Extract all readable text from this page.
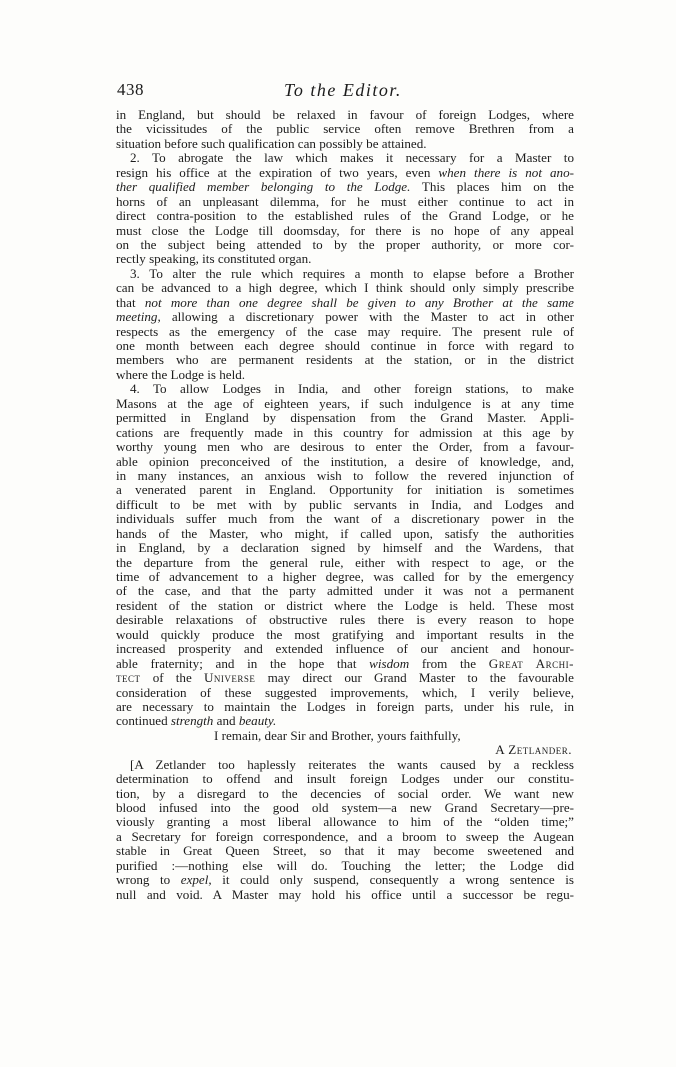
438	To the Editor.
in England, but should be relaxed in favour of foreign Lodges, where
the vicissitudes of the public service often remove Brethren from a
situation before such qualification can possibly be attained.
2. To abrogate the law which makes it necessary for a Master to
resign his office at the expiration of two years, even when there is not ano-
ther qualified member belonging to the Lodge. This places him on the
horns of an unpleasant dilemma, for he must either continue to act in
direct contra-position to the established rules of the Grand Lodge, or he
must close the Lodge till doomsday, for there is no hope of any appeal
on the subject being attended to by the proper authority, or more cor-
rectly speaking, its constituted organ.
3. To alter the rule which requires a month to elapse before a Brother
can be advanced to a high degree, which I think should only simply prescribe
that not more than one degree shall be given to any Brother at the same
meeting, allowing a discretionary power with the Master to act in other
respects as the emergency of the case may require. The present rule of
one month between each degree should continue in force with regard to
members who are permanent residents at the station, or in the district
where the Lodge is held.
4. To allow Lodges in India, and other foreign stations, to make
Masons at the age of eighteen years, if such indulgence is at any time
permitted in England by dispensation from the Grand Master. Appli-
cations are frequently made in this country for admission at this age by
worthy young men who are desirous to enter the Order, from a favour-
able opinion preconceived of the institution, a desire of knowledge, and,
in many instances, an anxious wish to follow the revered injunction of
a venerated parent in England. Opportunity for initiation is sometimes
difficult to be met with by public servants in India, and Lodges and
individuals suffer much from the want of a discretionary power in the
hands of the Master, who might, if called upon, satisfy the authorities
in England, by a declaration signed by himself and the Wardens, that
the departure from the general rule, either with respect to age, or the
time of advancement to a higher degree, was called for by the emergency
of the case, and that the party admitted under it was not a permanent
resident of the station or district where the Lodge is held. These most
desirable relaxations of obstructive rules there is every reason to hope
would quickly produce the most gratifying and important results in the
increased prosperity and extended influence of our ancient and honour-
able fraternity; and in the hope that wisdom from the Great Archi-
tect of the Universe may direct our Grand Master to the favourable
consideration of these suggested improvements, which, I verily believe,
are necessary to maintain the Lodges in foreign parts, under his rule, in
continued strength and beauty.
I remain, dear Sir and Brother, yours faithfully,
A Zetlander.
[A Zetlander too haplessly reiterates the wants caused by a reckless
determination to offend and insult foreign Lodges under our constitu-
tion, by a disregard to the decencies of social order. We want new
blood infused into the good old system—a new Grand Secretary—pre-
viously granting a most liberal allowance to him of the “olden time;”
a Secretary for foreign correspondence, and a broom to sweep the Augean
stable in Great Queen Street, so that it may become sweetened and
purified :—nothing else will do. Touching the letter; the Lodge did
wrong to expel, it could only suspend, consequently a wrong sentence is
null and void. A Master may hold his office until a successor be regu-
